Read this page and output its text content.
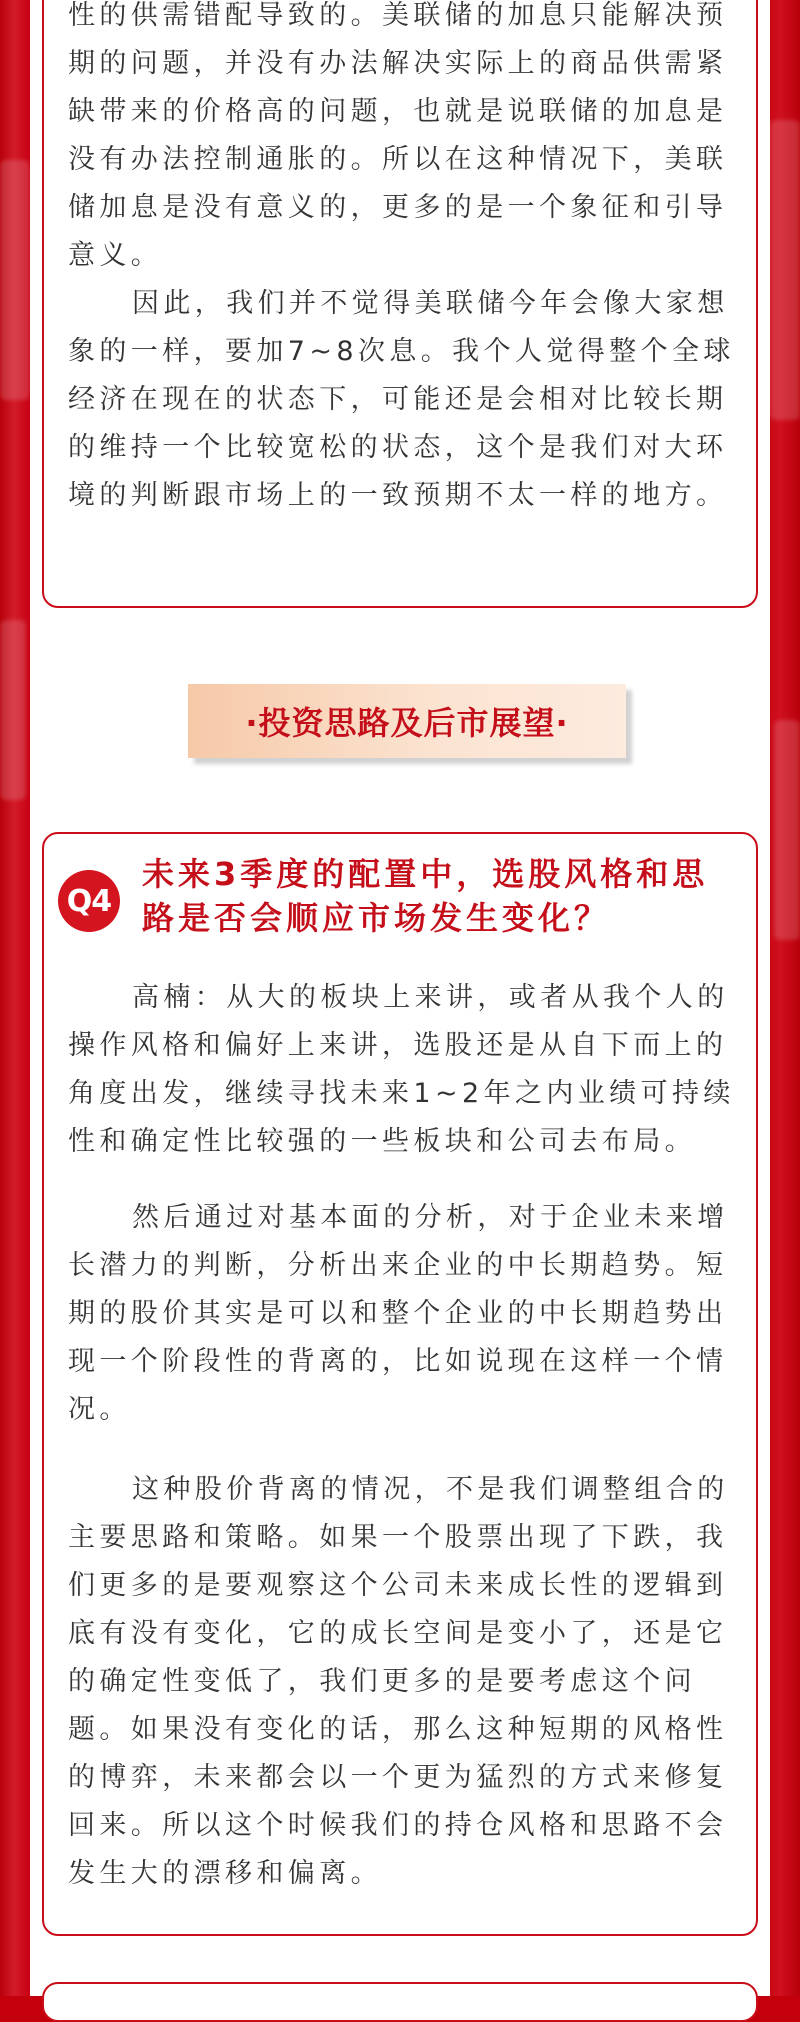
性的供需错配导致的。美联储的加息只能解决预期的问题，并没有办法解决实际上的商品供需紧缺带来的价格高的问题，也就是说联储的加息是没有办法控制通胀的。所以在这种情况下，美联储加息是没有意义的，更多的是一个象征和引导意义。

因此，我们并不觉得美联储今年会像大家想象的一样，要加7~8次息。我个人觉得整个全球经济在现在的状态下，可能还是会相对比较长期的维持一个比较宽松的状态，这个是我们对大环境的判断跟市场上的一致预期不太一样的地方。

·投资思路及后市展望·
Q4
未来3季度的配置中，选股风格和思路是否会顺应市场发生变化？

高楠：从大的板块上来讲，或者从我个人的操作风格和偏好上来讲，选股还是从自下而上的角度出发，继续寻找未来1~2年之内业绩可持续性和确定性比较强的一些板块和公司去布局。

然后通过对基本面的分析，对于企业未来增长潜力的判断，分析出来企业的中长期趋势。短期的股价其实是可以和整个企业的中长期趋势出现一个阶段性的背离的，比如说现在这样一个情况。

这种股价背离的情况，不是我们调整组合的主要思路和策略。如果一个股票出现了下跌，我们更多的是要观察这个公司未来成长性的逻辑到底有没有变化，它的成长空间是变小了，还是它的确定性变低了，我们更多的是要考虑这个问题。如果没有变化的话，那么这种短期的风格性的博弈，未来都会以一个更为猛烈的方式来修复回来。所以这个时候我们的持仓风格和思路不会发生大的漂移和偏离。
